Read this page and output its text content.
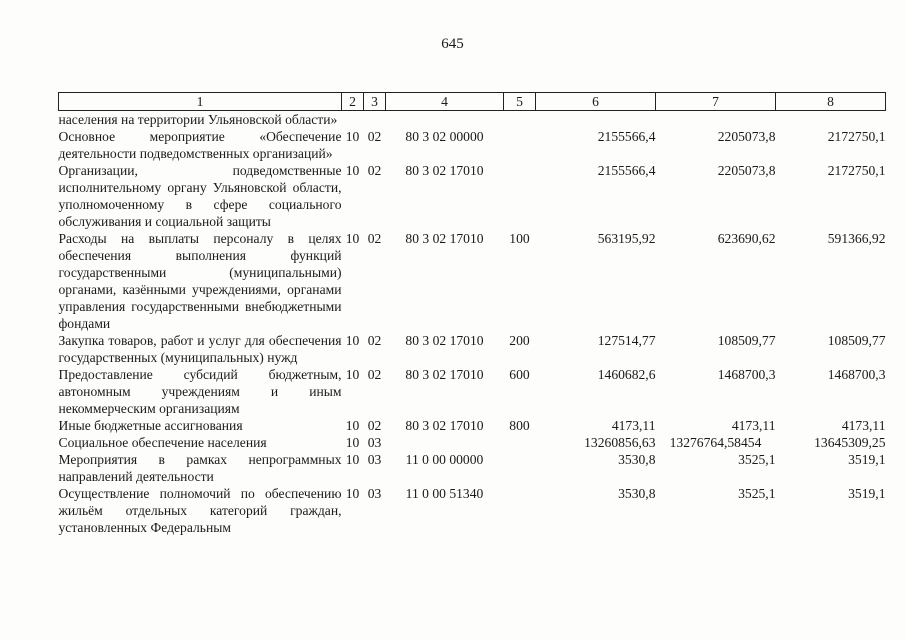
645
1	2	3	4	5	6	7	8
населения на территории Ульяновской области»							
Основное мероприятие «Обеспечение деятельности подведомственных организаций»	10	02	80 3 02 00000		2155566,4	2205073,8	2172750,1
Организации, подведомственные исполнительному органу Ульяновской области, уполномоченному в сфере социального обслуживания и социальной защиты	10	02	80 3 02 17010		2155566,4	2205073,8	2172750,1
Расходы на выплаты персоналу в целях обеспечения выполнения функций государственными (муниципальными) органами, казёнными учреждениями, органами управления государственными внебюджетными фондами	10	02	80 3 02 17010	100	563195,92	623690,62	591366,92
Закупка товаров, работ и услуг для обеспечения государственных (муниципальных) нужд	10	02	80 3 02 17010	200	127514,77	108509,77	108509,77
Предоставление субсидий бюджетным, автономным учреждениям и иным некоммерческим организациям	10	02	80 3 02 17010	600	1460682,6	1468700,3	1468700,3
Иные бюджетные ассигнования	10	02	80 3 02 17010	800	4173,11	4173,11	4173,11
Социальное обеспечение населения	10	03			13260856,63	13276764,58454	13645309,25
Мероприятия в рамках непрограммных направлений деятельности	10	03	11 0 00 00000		3530,8	3525,1	3519,1
Осуществление полномочий по обеспечению жильём отдельных категорий граждан, установленных Федеральным	10	03	11 0 00 51340		3530,8	3525,1	3519,1
